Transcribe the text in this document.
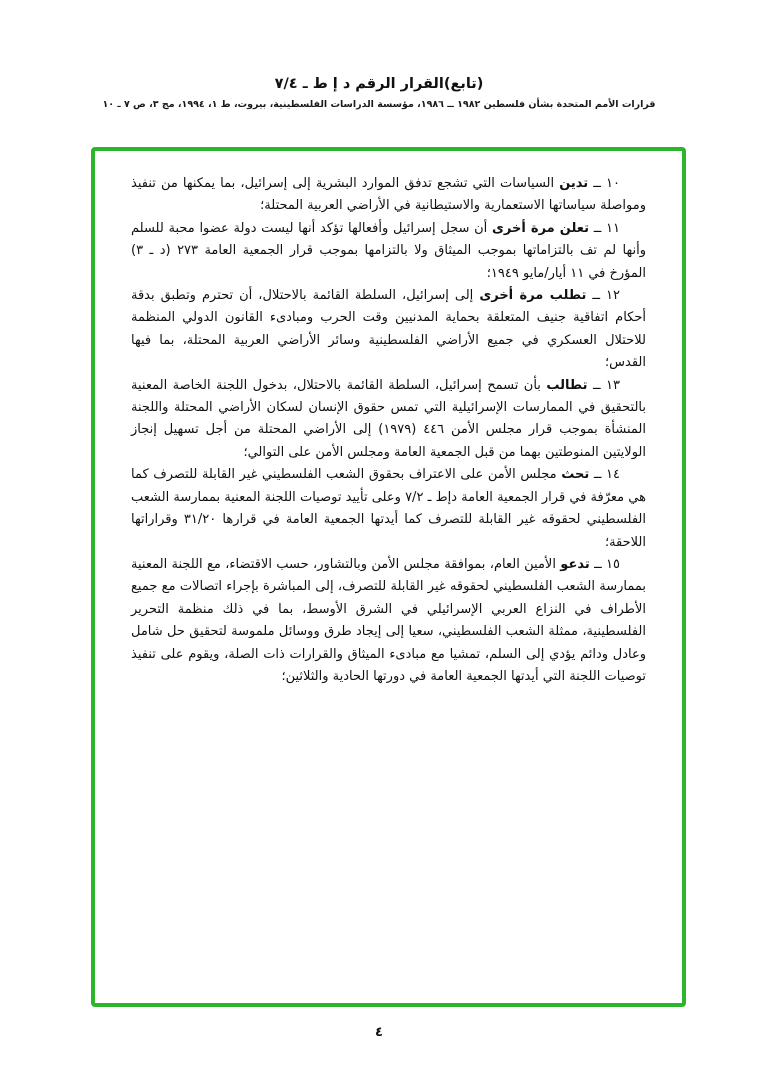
(تابع)القرار الرقم د إ ط ـ ٧/٤
قرارات الأمم المتحدة بشأن فلسطين ١٩٨٢ ــ ١٩٨٦، مؤسسة الدراسات الفلسطينية، بيروت، ط ١، ١٩٩٤، مج ٣، ص ٧ ـ ١٠

١٠ ــ تدين السياسات التي تشجع تدفق الموارد البشرية إلى إسرائيل، بما يمكنها من تنفيذ ومواصلة سياساتها الاستعمارية والاستيطانية في الأراضي العربية المحتلة؛

١١ ــ تعلن مرة أخرى أن سجل إسرائيل وأفعالها تؤكد أنها ليست دولة عضوا محبة للسلم وأنها لم تف بالتزاماتها بموجب الميثاق ولا بالتزامها بموجب قرار الجمعية العامة ٢٧٣ (د ـ ٣) المؤرخ في ١١ أيار/مايو ١٩٤٩؛

١٢ ــ تطلب مرة أخرى إلى إسرائيل، السلطة القائمة بالاحتلال، أن تحترم وتطبق بدقة أحكام اتفاقية جنيف المتعلقة بحماية المدنيين وقت الحرب ومبادىء القانون الدولي المنظمة للاحتلال العسكري في جميع الأراضي الفلسطينية وسائر الأراضي العربية المحتلة، بما فيها القدس؛

١٣ ــ تطالب بأن تسمح إسرائيل، السلطة القائمة بالاحتلال، بدخول اللجنة الخاصة المعنية بالتحقيق في الممارسات الإسرائيلية التي تمس حقوق الإنسان لسكان الأراضي المحتلة واللجنة المنشأة بموجب قرار مجلس الأمن ٤٤٦ (١٩٧٩) إلى الأراضي المحتلة من أجل تسهيل إنجاز الولايتين المنوطتين بهما من قبل الجمعية العامة ومجلس الأمن على التوالي؛

١٤ ــ تحث مجلس الأمن على الاعتراف بحقوق الشعب الفلسطيني غير القابلة للتصرف كما هي معرّفة في قرار الجمعية العامة دإط ـ ٧/٢ وعلى تأييد توصيات اللجنة المعنية بممارسة الشعب الفلسطيني لحقوقه غير القابلة للتصرف كما أيدتها الجمعية العامة في قرارها ٣١/٢٠ وقراراتها اللاحقة؛

١٥ ــ تدعو الأمين العام، بموافقة مجلس الأمن وبالتشاور، حسب الاقتضاء، مع اللجنة المعنية بممارسة الشعب الفلسطيني لحقوقه غير القابلة للتصرف، إلى المباشرة بإجراء اتصالات مع جميع الأطراف في النزاع العربي الإسرائيلي في الشرق الأوسط، بما في ذلك منظمة التحرير الفلسطينية، ممثلة الشعب الفلسطيني، سعيا إلى إيجاد طرق ووسائل ملموسة لتحقيق حل شامل وعادل ودائم يؤدي إلى السلم، تمشيا مع مبادىء الميثاق والقرارات ذات الصلة، ويقوم على تنفيذ توصيات اللجنة التي أيدتها الجمعية العامة في دورتها الحادية والثلاثين؛

٤
